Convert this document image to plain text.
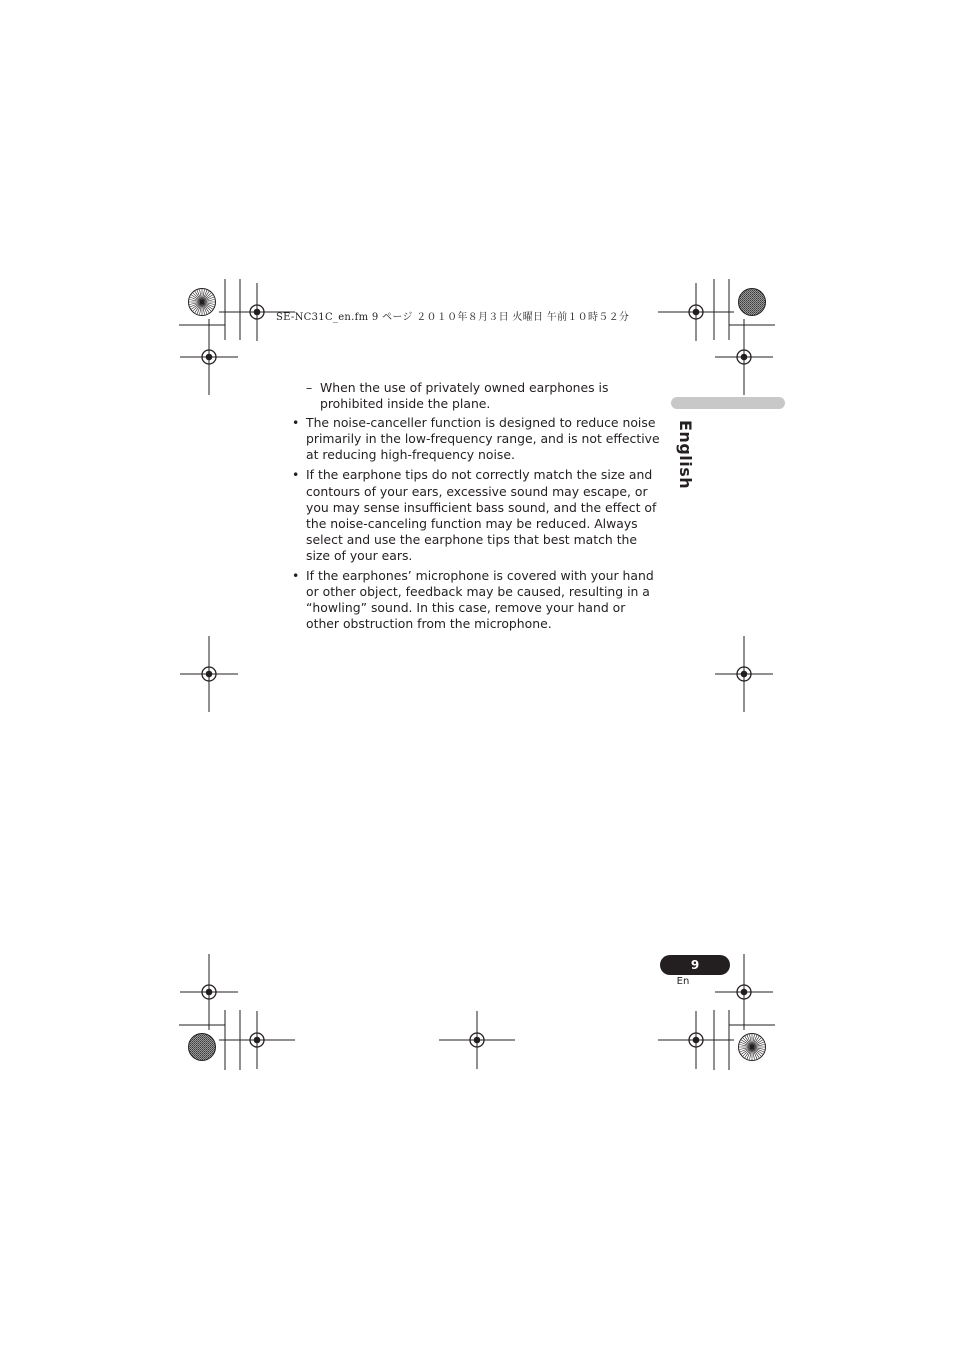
SE-NC31C_en.fm 9 ページ ２０１０年８月３日 火曜日 午前１０時５２分
English
– When the use of privately owned earphones is prohibited inside the plane.
• The noise-canceller function is designed to reduce noise primarily in the low-frequency range, and is not effective at reducing high-frequency noise.
• If the earphone tips do not correctly match the size and contours of your ears, excessive sound may escape, or you may sense insufficient bass sound, and the effect of the noise-canceling function may be reduced. Always select and use the earphone tips that best match the size of your ears.
• If the earphones’ microphone is covered with your hand or other object, feedback may be caused, resulting in a “howling” sound. In this case, remove your hand or other obstruction from the microphone.
9
En
